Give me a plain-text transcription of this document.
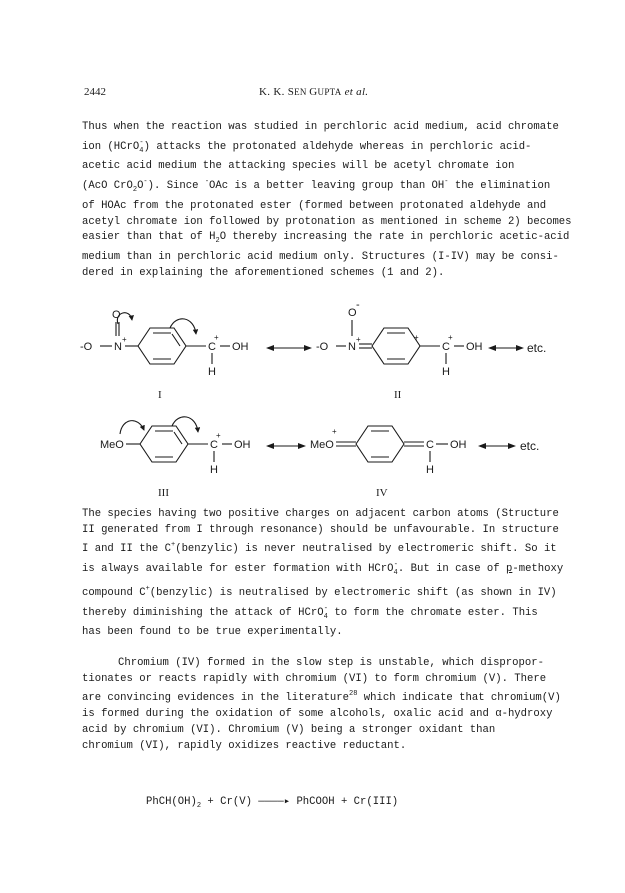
2442	K. K. SEN GUPTA et al.
Thus when the reaction was studied in perchloric acid medium, acid chromate
ion (HCrO$_4$-) attacks the protonated aldehyde whereas in perchloric acid-
acetic acid medium the attacking species will be acetyl chromate ion
(AcO CrO$_2$O-). Since -OAc is a better leaving group than OH- the elimination
of HOAc from the protonated ester (formed between protonated aldehyde and
acetyl chromate ion followed by protonation as mentioned in scheme 2) becomes
easier than that of $H_2O$ thereby increasing the rate in perchloric acetic-acid
medium than in perchloric acid medium only. Structures (I-IV) may be consi-
dered in explaining the aforementioned schemes (1 and 2).
-O N
+
O
C
+
OH
H
I
-O N
+
O
-
+
C
+
OH
H
II
etc.
MeO	C
+
OH
H
III
MeO
+
C OH
H
IV
etc.
The species having two positive charges on adjacent carbon atoms (Structure
II generated from I through resonance) should be unfavourable. In structure
I and II the C+(benzylic) is never neutralised by electromeric shift. So it
is always available for ester formation with HCrO$_4$-. But in case of p-methoxy
compound C+(benzylic) is neutralised by electromeric shift (as shown in IV)
thereby diminishing the attack of HCrO$_4$- to form the chromate ester. This
has been found to be true experimentally.
Chromium (IV) formed in the slow step is unstable, which dispropor-
tionates or reacts rapidly with chromium (VI) to form chromium (V). There
are convincing evidences in the literature$^{28}$ which indicate that chromium(V)
is formed during the oxidation of some alcohols, oxalic acid and α-hydroxy
acid by chromium (VI). Chromium (V) being a stronger oxidant than
chromium (VI), rapidly oxidizes reactive reductant.
$PhCH(OH)_2 + Cr(V)$ ————▸ PhCOOH + Cr(III)
